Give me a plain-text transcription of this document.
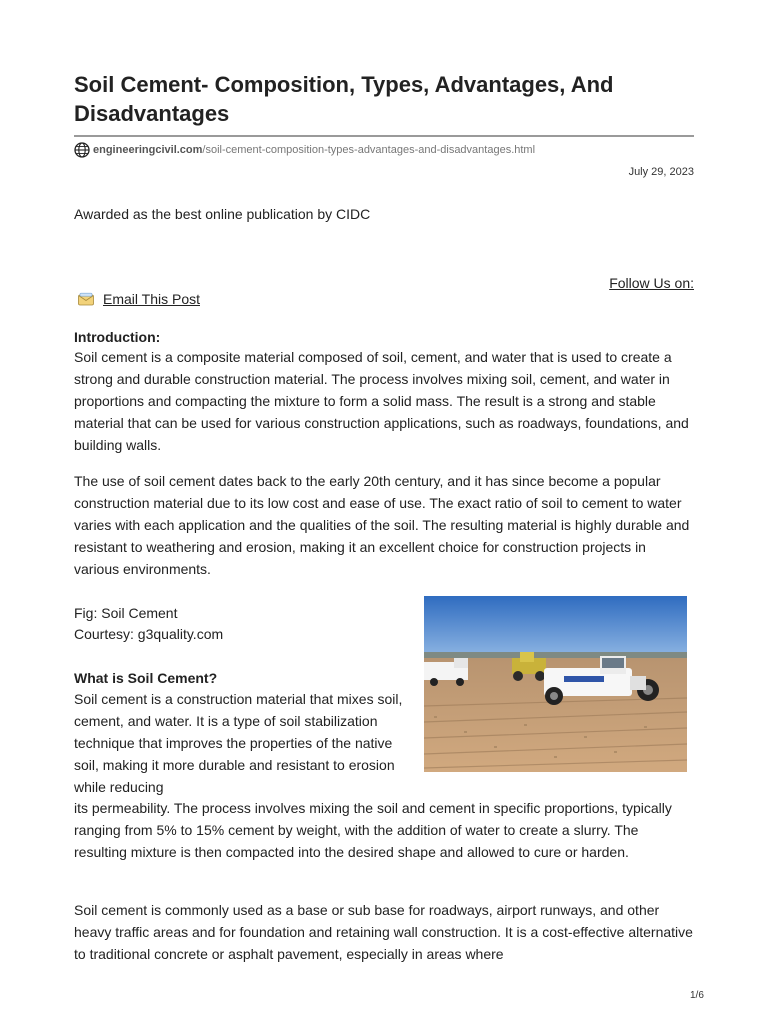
Soil Cement- Composition, Types, Advantages, And Disadvantages
engineeringcivil.com /soil-cement-composition-types-advantages-and-disadvantages.html
July 29, 2023
Awarded as the best online publication by CIDC
Follow Us on:
Email This Post
Introduction:

Soil cement is a composite material composed of soil, cement, and water that is used to create a strong and durable construction material. The process involves mixing soil, cement, and water in proportions and compacting the mixture to form a solid mass. The result is a strong and stable material that can be used for various construction applications, such as roadways, foundations, and building walls.

The use of soil cement dates back to the early 20th century, and it has since become a popular construction material due to its low cost and ease of use. The exact ratio of soil to cement to water varies with each application and the qualities of the soil. The resulting material is highly durable and resistant to weathering and erosion, making it an excellent choice for construction projects in various environments.

Fig: Soil Cement
Courtesy: g3quality.com
What is Soil Cement?

Soil cement is a construction material that mixes soil, cement, and water. It is a type of soil stabilization technique that improves the properties of the native soil, making it more durable and resistant to erosion while reducing

its permeability. The process involves mixing the soil and cement in specific proportions, typically ranging from 5% to 15% cement by weight, with the addition of water to create a slurry. The resulting mixture is then compacted into the desired shape and allowed to cure or harden.

Soil cement is commonly used as a base or sub base for roadways, airport runways, and other heavy traffic areas and for foundation and retaining wall construction. It is a cost-effective alternative to traditional concrete or asphalt pavement, especially in areas where

1/6
